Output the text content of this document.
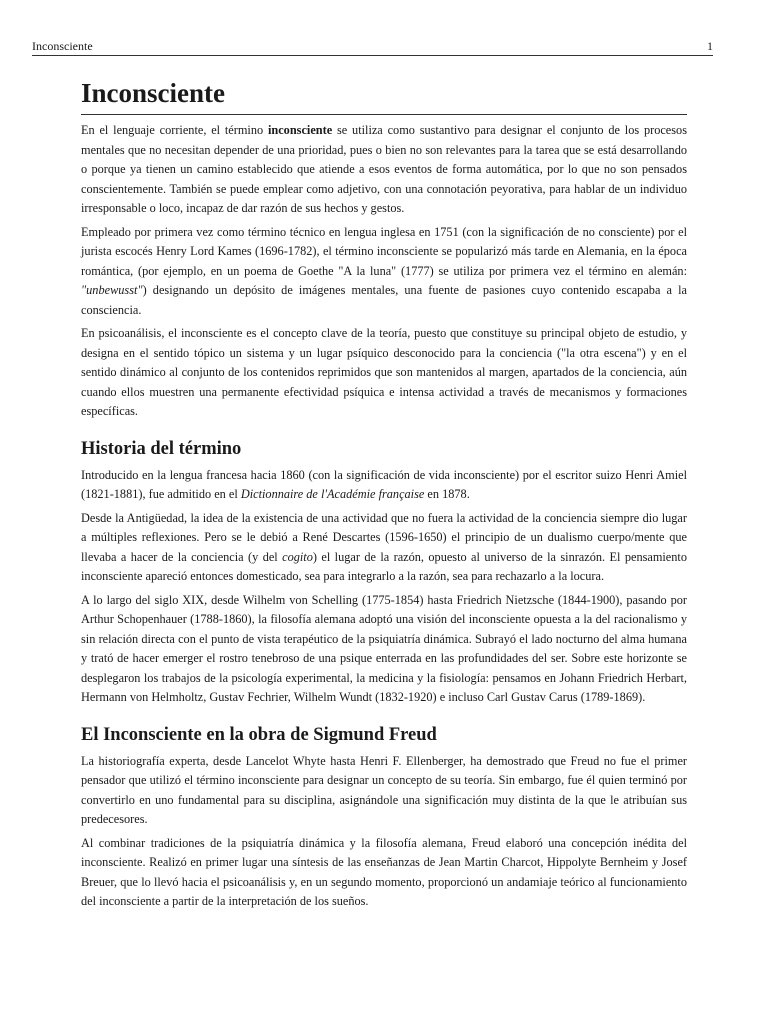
Inconsciente	1
Inconsciente

En el lenguaje corriente, el término inconsciente se utiliza como sustantivo para designar el conjunto de los procesos mentales que no necesitan depender de una prioridad, pues o bien no son relevantes para la tarea que se está desarrollando o porque ya tienen un camino establecido que atiende a esos eventos de forma automática, por lo que no son pensados conscientemente. También se puede emplear como adjetivo, con una connotación peyorativa, para hablar de un individuo irresponsable o loco, incapaz de dar razón de sus hechos y gestos.

Empleado por primera vez como término técnico en lengua inglesa en 1751 (con la significación de no consciente) por el jurista escocés Henry Lord Kames (1696-1782), el término inconsciente se popularizó más tarde en Alemania, en la época romántica, (por ejemplo, en un poema de Goethe "A la luna" (1777) se utiliza por primera vez el término en alemán: "unbewusst") designando un depósito de imágenes mentales, una fuente de pasiones cuyo contenido escapaba a la consciencia.

En psicoanálisis, el inconsciente es el concepto clave de la teoría, puesto que constituye su principal objeto de estudio, y designa en el sentido tópico un sistema y un lugar psíquico desconocido para la conciencia ("la otra escena") y en el sentido dinámico al conjunto de los contenidos reprimidos que son mantenidos al margen, apartados de la conciencia, aún cuando ellos muestren una permanente efectividad psíquica e intensa actividad a través de mecanismos y formaciones específicas.

Historia del término

Introducido en la lengua francesa hacia 1860 (con la significación de vida inconsciente) por el escritor suizo Henri Amiel (1821-1881), fue admitido en el Dictionnaire de l'Académie française en 1878.

Desde la Antigüedad, la idea de la existencia de una actividad que no fuera la actividad de la conciencia siempre dio lugar a múltiples reflexiones. Pero se le debió a René Descartes (1596-1650) el principio de un dualismo cuerpo/mente que llevaba a hacer de la conciencia (y del cogito) el lugar de la razón, opuesto al universo de la sinrazón. El pensamiento inconsciente apareció entonces domesticado, sea para integrarlo a la razón, sea para rechazarlo a la locura.

A lo largo del siglo XIX, desde Wilhelm von Schelling (1775-1854) hasta Friedrich Nietzsche (1844-1900), pasando por Arthur Schopenhauer (1788-1860), la filosofía alemana adoptó una visión del inconsciente opuesta a la del racionalismo y sin relación directa con el punto de vista terapéutico de la psiquiatría dinámica. Subrayó el lado nocturno del alma humana y trató de hacer emerger el rostro tenebroso de una psique enterrada en las profundidades del ser. Sobre este horizonte se desplegaron los trabajos de la psicología experimental, la medicina y la fisiología: pensamos en Johann Friedrich Herbart, Hermann von Helmholtz, Gustav Fechrier, Wilhelm Wundt (1832-1920) e incluso Carl Gustav Carus (1789-1869).

El Inconsciente en la obra de Sigmund Freud

La historiografía experta, desde Lancelot Whyte hasta Henri F. Ellenberger, ha demostrado que Freud no fue el primer pensador que utilizó el término inconsciente para designar un concepto de su teoría. Sin embargo, fue él quien terminó por convertirlo en uno fundamental para su disciplina, asignándole una significación muy distinta de la que le atribuían sus predecesores.

Al combinar tradiciones de la psiquiatría dinámica y la filosofía alemana, Freud elaboró una concepción inédita del inconsciente. Realizó en primer lugar una síntesis de las enseñanzas de Jean Martin Charcot, Hippolyte Bernheim y Josef Breuer, que lo llevó hacia el psicoanálisis y, en un segundo momento, proporcionó un andamiaje teórico al funcionamiento del inconsciente a partir de la interpretación de los sueños.
